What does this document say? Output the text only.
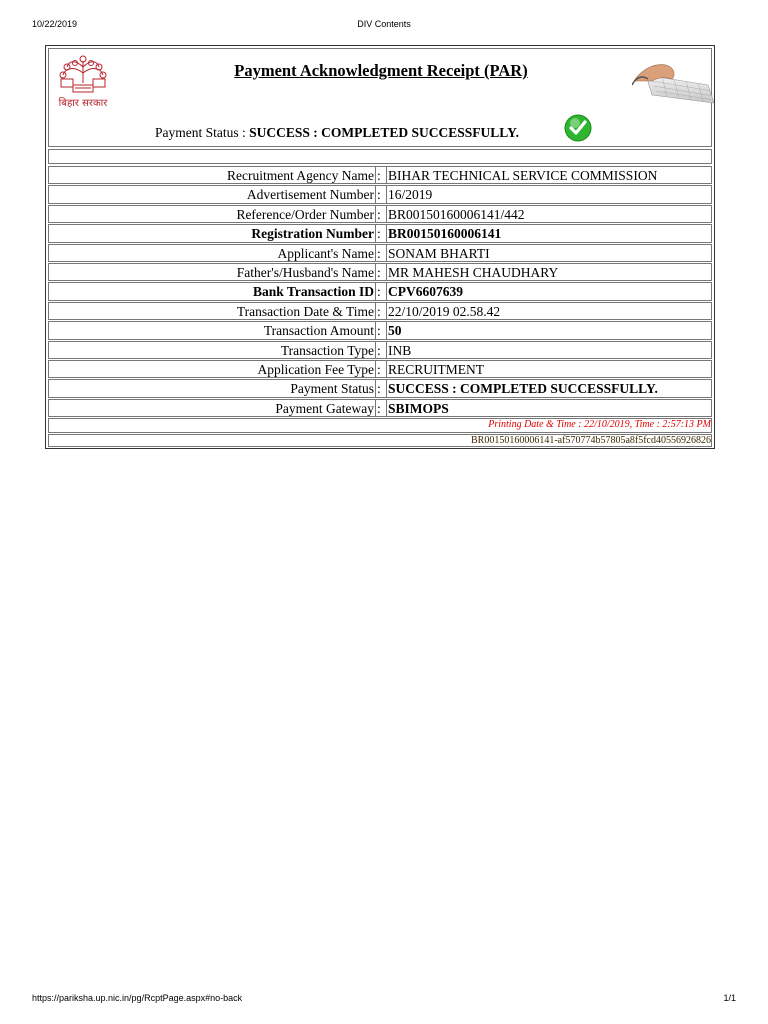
10/22/2019	DIV Contents
बिहार सरकार
Payment Acknowledgment Receipt (PAR)
Payment Status : SUCCESS : COMPLETED SUCCESSFULLY.
Recruitment Agency Name : BIHAR TECHNICAL SERVICE COMMISSION
Advertisement Number : 16/2019
Reference/Order Number : BR00150160006141/442
Registration Number : BR00150160006141
Applicant's Name : SONAM BHARTI
Father's/Husband's Name : MR MAHESH CHAUDHARY
Bank Transaction ID : CPV6607639
Transaction Date & Time : 22/10/2019 02.58.42
Transaction Amount : 50
Transaction Type : INB
Application Fee Type : RECRUITMENT
Payment Status : SUCCESS : COMPLETED SUCCESSFULLY.
Payment Gateway : SBIMOPS
Printing Date & Time : 22/10/2019, Time : 2:57:13 PM
BR00150160006141-af570774b57805a8f5fcd40556926826
https://pariksha.up.nic.in/pg/RcptPage.aspx#no-back	1/1
